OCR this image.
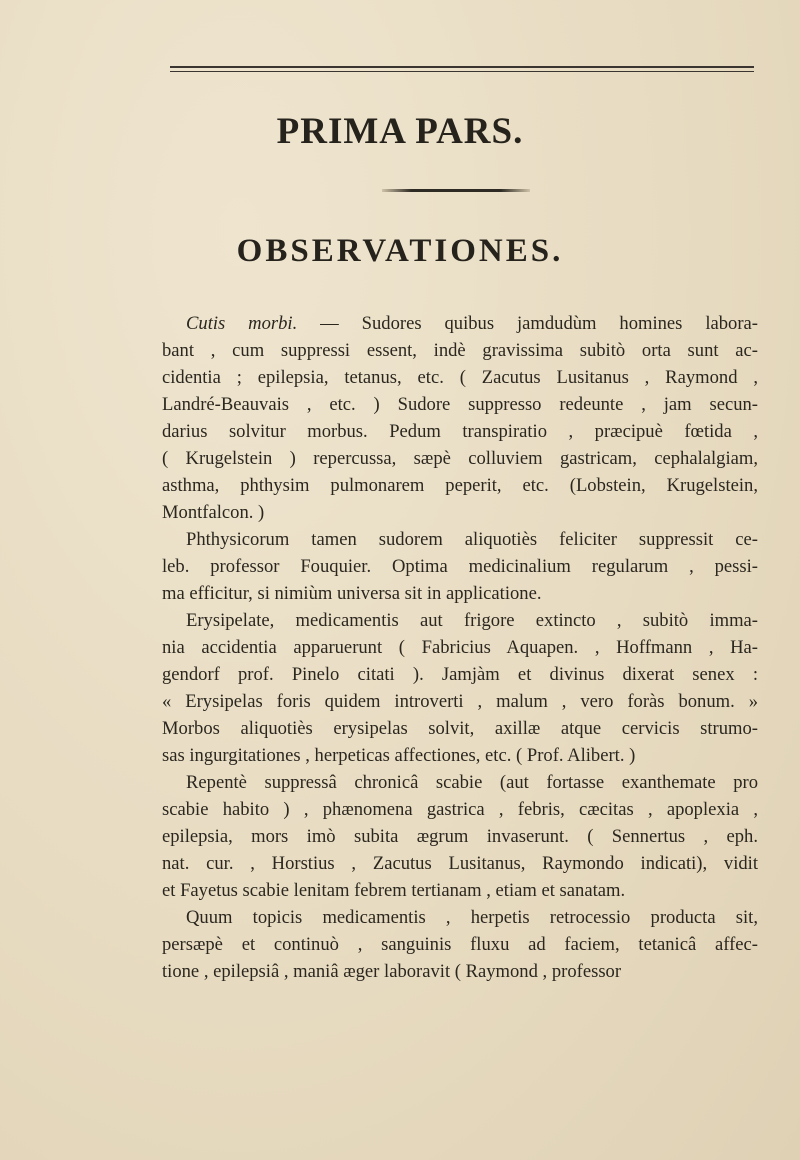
PRIMA PARS.
OBSERVATIONES.
Cutis morbi. — Sudores quibus jamdudùm homines labora-
bant , cum suppressi essent, indè gravissima subitò orta sunt ac-
cidentia ; epilepsia, tetanus, etc. ( Zacutus Lusitanus , Raymond ,
Landré-Beauvais , etc. ) Sudore suppresso redeunte , jam secun-
darius solvitur morbus. Pedum transpiratio , præcipuè fœtida ,
( Krugelstein ) repercussa, sæpè colluviem gastricam, cephalalgiam,
asthma, phthysim pulmonarem peperit, etc. (Lobstein, Krugelstein,
Montfalcon. )
Phthysicorum tamen sudorem aliquotiès feliciter suppressit ce-
leb. professor Fouquier. Optima medicinalium regularum , pessi-
ma efficitur, si nimiùm universa sit in applicatione.
Erysipelate, medicamentis aut frigore extincto , subitò imma-
nia accidentia apparuerunt ( Fabricius Aquapen. , Hoffmann , Ha-
gendorf prof. Pinelo citati ). Jamjàm et divinus dixerat senex :
« Erysipelas foris quidem introverti , malum , vero foràs bonum. »
Morbos aliquotiès erysipelas solvit, axillæ atque cervicis strumo-
sas ingurgitationes , herpeticas affectiones, etc. ( Prof. Alibert. )
Repentè suppressâ chronicâ scabie (aut fortasse exanthemate pro
scabie habito ) , phænomena gastrica , febris, cæcitas , apoplexia ,
epilepsia, mors imò subita ægrum invaserunt. ( Sennertus , eph.
nat. cur. , Horstius , Zacutus Lusitanus, Raymondo indicati), vidit
et Fayetus scabie lenitam febrem tertianam , etiam et sanatam.
Quum topicis medicamentis , herpetis retrocessio producta sit,
persæpè et continuò , sanguinis fluxu ad faciem, tetanicâ affec-
tione , epilepsiâ , maniâ æger laboravit ( Raymond , professor
